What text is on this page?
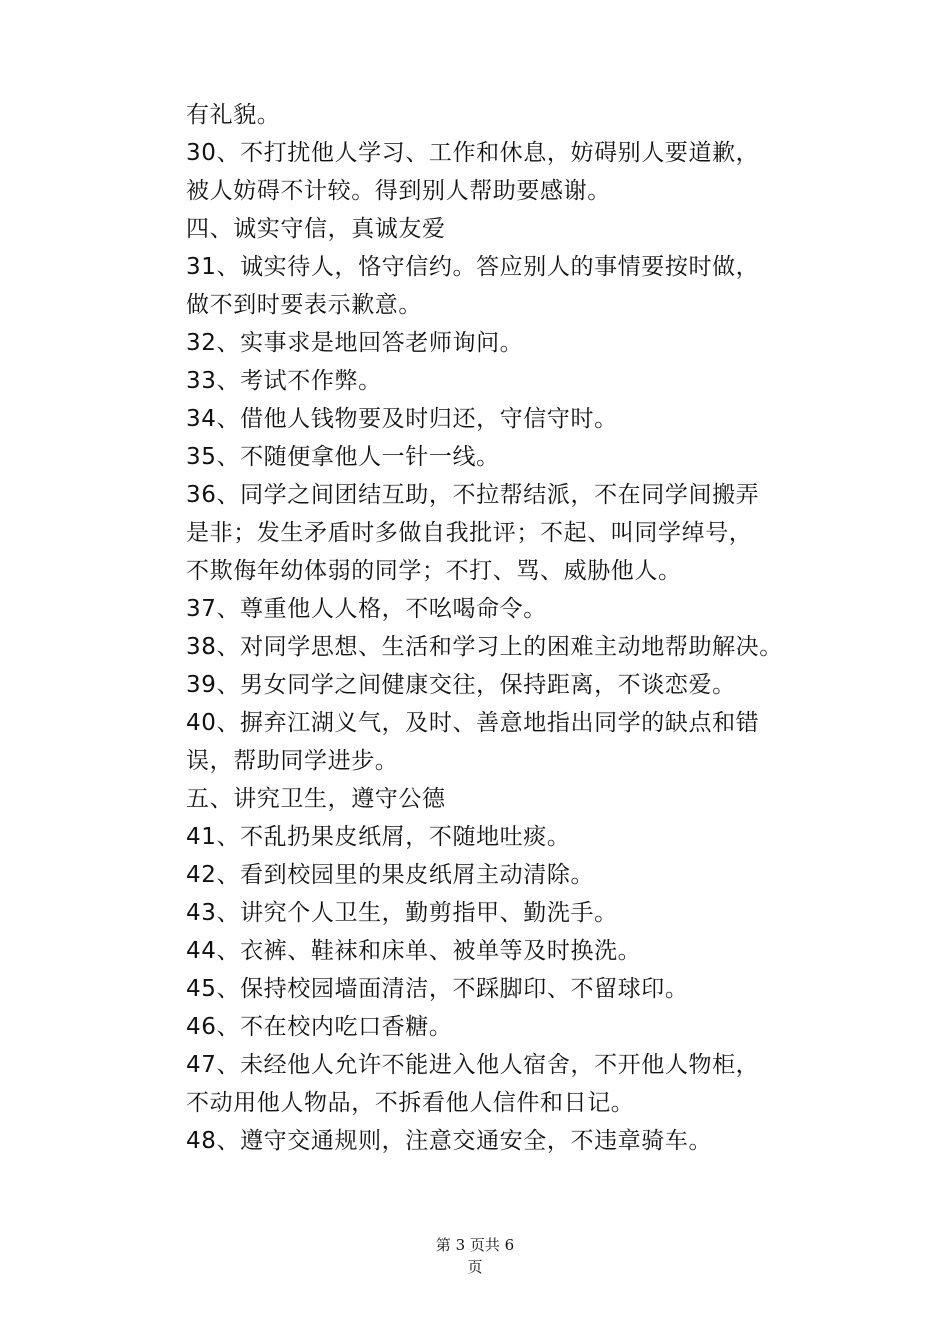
有礼貌。
30、不打扰他人学习、工作和休息，妨碍别人要道歉，
被人妨碍不计较。得到别人帮助要感谢。
四、诚实守信，真诚友爱
31、诚实待人，恪守信约。答应别人的事情要按时做，
做不到时要表示歉意。
32、实事求是地回答老师询问。
33、考试不作弊。
34、借他人钱物要及时归还，守信守时。
35、不随便拿他人一针一线。
36、同学之间团结互助，不拉帮结派，不在同学间搬弄
是非；发生矛盾时多做自我批评；不起、叫同学绰号，
不欺侮年幼体弱的同学；不打、骂、威胁他人。
37、尊重他人人格，不吆喝命令。
38、对同学思想、生活和学习上的困难主动地帮助解决。
39、男女同学之间健康交往，保持距离，不谈恋爱。
40、摒弃江湖义气，及时、善意地指出同学的缺点和错
误，帮助同学进步。
五、讲究卫生，遵守公德
41、不乱扔果皮纸屑，不随地吐痰。
42、看到校园里的果皮纸屑主动清除。
43、讲究个人卫生，勤剪指甲、勤洗手。
44、衣裤、鞋袜和床单、被单等及时换洗。
45、保持校园墙面清洁，不踩脚印、不留球印。
46、不在校内吃口香糖。
47、未经他人允许不能进入他人宿舍，不开他人物柜，
不动用他人物品，不拆看他人信件和日记。
48、遵守交通规则，注意交通安全，不违章骑车。
第 3 页共 6
页
